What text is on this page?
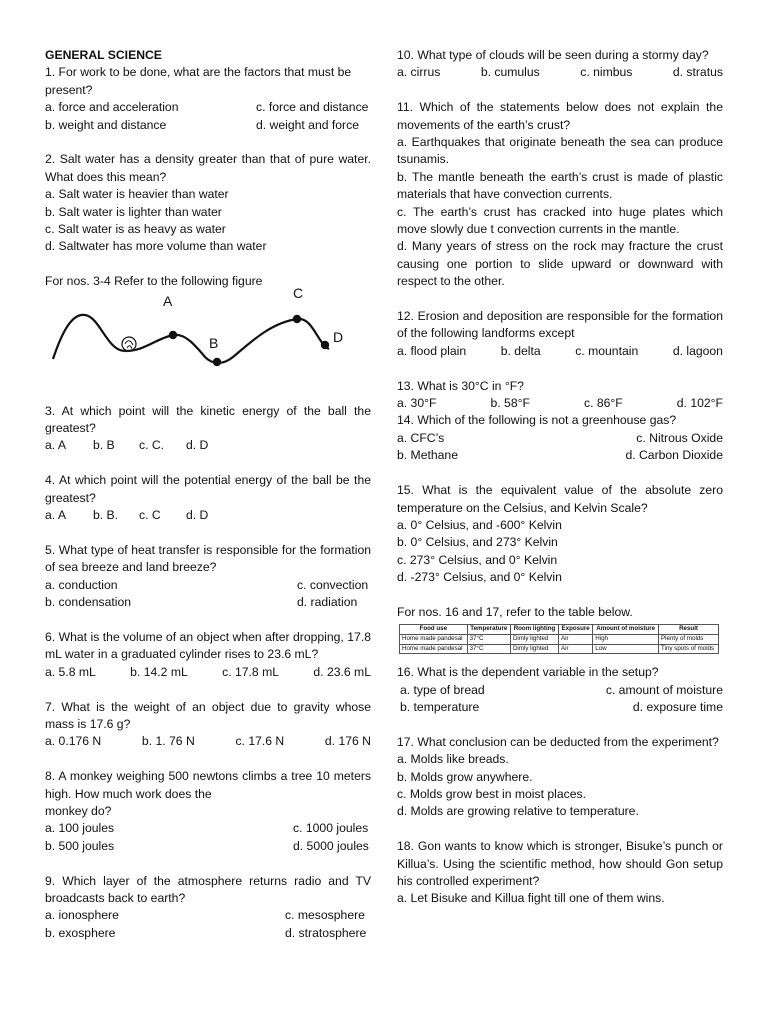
GENERAL SCIENCE

1. For work to be done, what are the factors that must be present?

a. force and acceleration	c. force and distance
b. weight and distance	d. weight and force

2. Salt water has a density greater than that of pure water. What does this mean?

a. Salt water is heavier than water

b. Salt water is lighter than water

c. Salt water is as heavy as water

d. Saltwater has more volume than water

For nos. 3-4 Refer to the following figure

A
B
C
D

3. At which point will the kinetic energy of the ball the greatest?

a. A b. B c. C. d. D

4. At which point will the potential energy of the ball be the greatest?

a. A b. B. c. C d. D

5. What type of heat transfer is responsible for the formation of sea breeze and land breeze?

a. conduction	c. convection
b. condensation	d. radiation

6. What is the volume of an object when after dropping, 17.8 mL water in a graduated cylinder rises to 23.6 mL?

a. 5.8 mL	b. 14.2 mL	c. 17.8 mL	d. 23.6 mL

7. What is the weight of an object due to gravity whose mass is 17.6 g?

a. 0.176 N	b. 1. 76 N	c. 17.6 N	d. 176 N

8. A monkey weighing 500 newtons climbs a tree 10 meters high. How much work does the

monkey do?

a. 100 joules	c. 1000 joules
b. 500 joules	d. 5000 joules

9. Which layer of the atmosphere returns radio and TV broadcasts back to earth?

a. ionosphere	c. mesosphere
b. exosphere	d. stratosphere

10. What type of clouds will be seen during a stormy day?

a. cirrus	b. cumulus	c. nimbus	d. stratus

11. Which of the statements below does not explain the movements of the earth’s crust?

a. Earthquakes that originate beneath the sea can produce tsunamis.

b. The mantle beneath the earth’s crust is made of plastic materials that have convection currents.

c. The earth’s crust has cracked into huge plates which move slowly due t convection currents in the mantle.

d. Many years of stress on the rock may fracture the crust causing one portion to slide upward or downward with respect to the other.

12. Erosion and deposition are responsible for the formation of the following landforms except

a. flood plain	b. delta	c. mountain	d. lagoon

13. What is 30°C in °F?

a. 30°F	b. 58°F	c. 86°F	d. 102°F

14. Which of the following is not a greenhouse gas?

a. CFC’s	c. Nitrous Oxide
b. Methane	d. Carbon Dioxide

15. What is the equivalent value of the absolute zero temperature on the Celsius, and Kelvin Scale?

a. 0° Celsius, and -600° Kelvin

b. 0° Celsius, and 273° Kelvin

c. 273° Celsius, and 0° Kelvin

d. -273° Celsius, and 0° Kelvin

For nos. 16 and 17, refer to the table below.

Food use	Temperature	Room lighting	Exposure	Amount of moisture	Result
Home made pandesal	37°C	Dimly lighted	Air	High	Plenty of molds
Home made pandesal	37°C	Dimly lighted	Air	Low	Tiny spots of molds

16. What is the dependent variable in the setup?

a. type of bread	c. amount of moisture
b. temperature	d. exposure time

17. What conclusion can be deducted from the experiment?

a. Molds like breads.

b. Molds grow anywhere.

c. Molds grow best in moist places.

d. Molds are growing relative to temperature.

18. Gon wants to know which is stronger, Bisuke’s punch or Killua’s. Using the scientific method, how should Gon setup his controlled experiment?

a. Let Bisuke and Killua fight till one of them wins.
